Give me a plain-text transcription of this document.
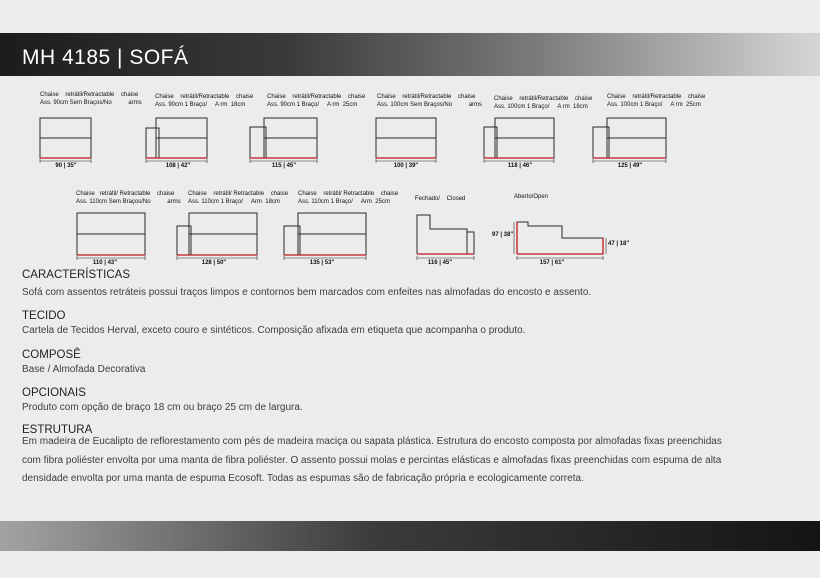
MH 4185 | SOFÁ
Chaise    retrátil/Retractable    chaise
Ass. 90cm Sem Braços/No          arms
Chaise    retrátil/Retractable    chaise
Ass. 90cm 1 Braço/     A rm  18cm
Chaise    retrátil/Retractable    chaise
Ass. 90cm 1 Braço/     A rm  25cm
Chaise    retrátil/Retractable    chaise
Ass. 100cm Sem Braços/No          arms
Chaise    retrátil/Retractable    chaise
Ass. 100cm 1 Braço/     A rm  18cm
Chaise    retrátil/Retractable    chaise
Ass. 100cm 1 Braço/     A rm  25cm
Chaise   retrátil/ Retractable    chaise
Ass. 110cm Sem Braços/No          arms
Chaise    retrátil/ Retractable    chaise
Ass. 110cm 1 Braço/     Arm  18cm
Chaise    retrátil/ Retractable    chaise
Ass. 110cm 1 Braço/     Arm  25cm	Fechado/    Closed	Aberto/Open
90 | 35"	108 | 42"	115 | 45"	100 | 39"	118 | 46"	125 | 49"
110 | 43"	128 | 50"	135 | 53"	116 | 45"	157 | 61"
97 | 38"
47 | 18"
CARACTERÍSTICAS
Sofá com assentos retráteis possui traços limpos e contornos bem marcados com enfeites nas almofadas do encosto e assento.
TECIDO
Cartela de Tecidos Herval, exceto couro e sintéticos. Composição afixada em etiqueta que acompanha o produto.
COMPOSÊ
Base / Almofada Decorativa
OPCIONAIS
Produto com opção de braço 18 cm ou braço 25 cm de largura.
ESTRUTURA
Em madeira de Eucalipto de reflorestamento com pés de madeira maciça ou sapata plástica. Estrutura do encosto composta por almofadas fixas preenchidas com fibra poliéster envolta por uma manta de fibra poliéster. O assento possui molas e percintas elásticas e almofadas fixas preenchidas com espuma de alta densidade envolta por uma manta de espuma Ecosoft. Todas as espumas são de fabricação própria e ecologicamente correta.
